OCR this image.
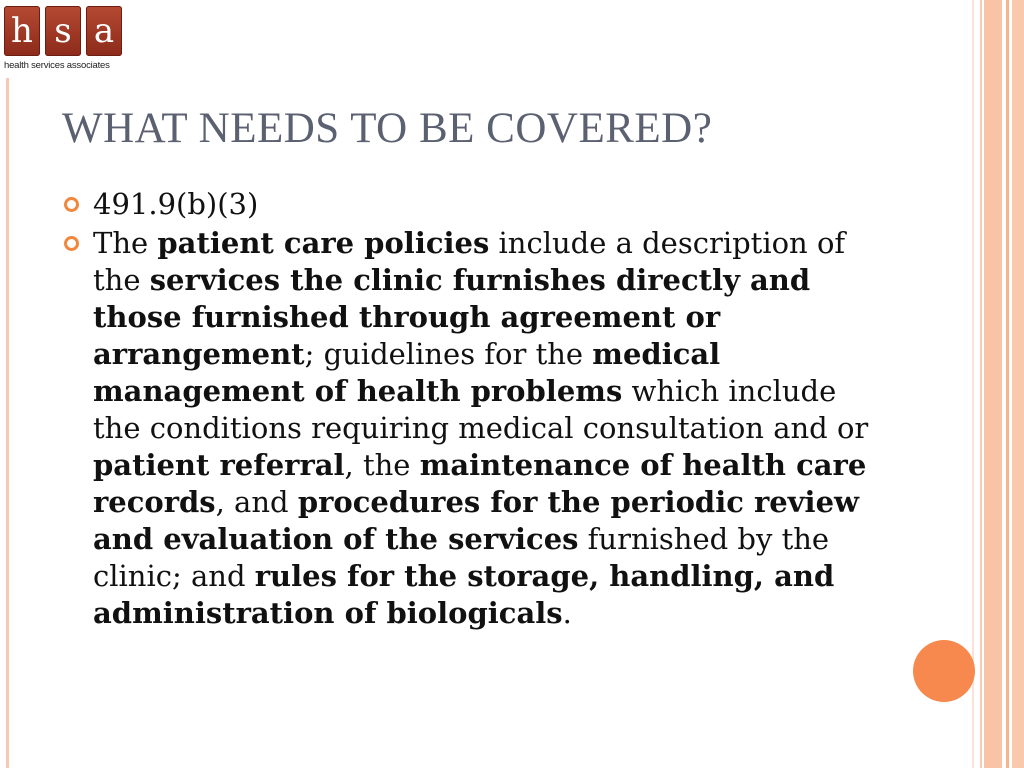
h s a
health services associates
WHAT NEEDS TO BE COVERED?
491.9(b)(3)
The patient care policies include a description of the services the clinic furnishes directly and those furnished through agreement or arrangement; guidelines for the medical management of health problems which include the conditions requiring medical consultation and or patient referral, the maintenance of health care records, and procedures for the periodic review and evaluation of the services furnished by the clinic; and rules for the storage, handling, and administration of biologicals.
